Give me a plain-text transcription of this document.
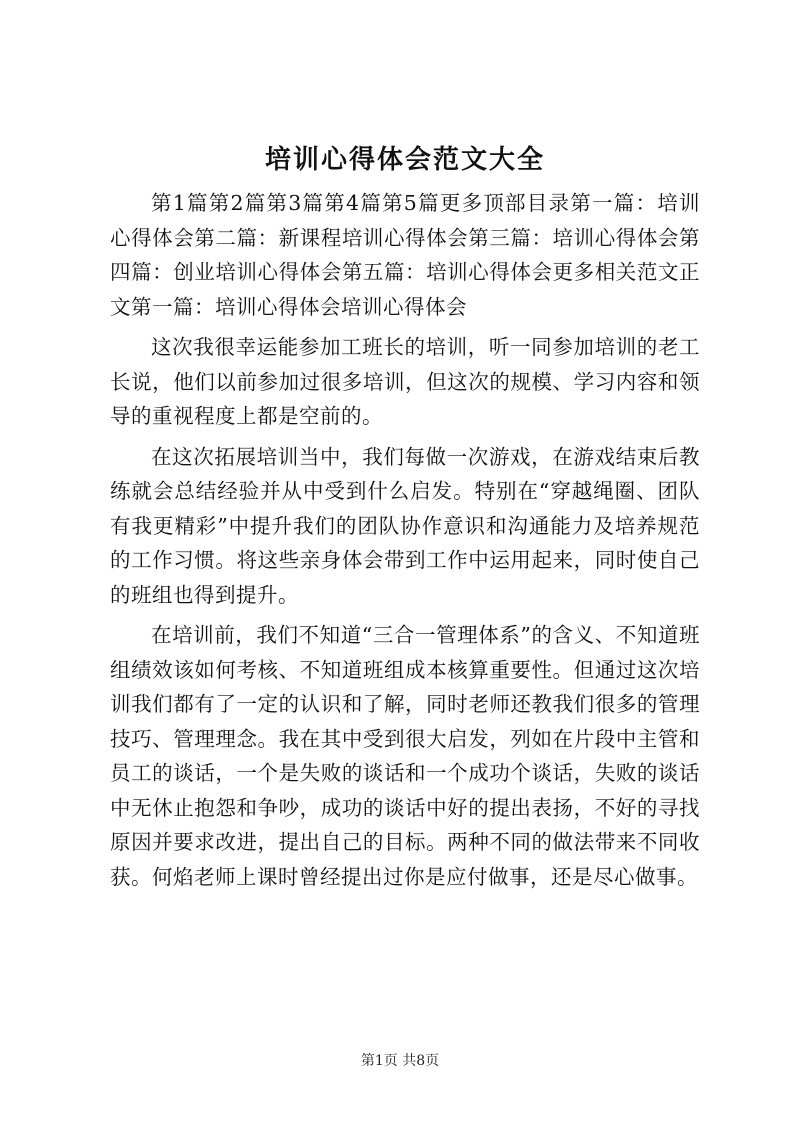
培训心得体会范文大全

第1篇第2篇第3篇第4篇第5篇更多顶部目录第一篇：培训心得体会第二篇：新课程培训心得体会第三篇：培训心得体会第四篇：创业培训心得体会第五篇：培训心得体会更多相关范文正文第一篇：培训心得体会培训心得体会

这次我很幸运能参加工班长的培训，听一同参加培训的老工长说，他们以前参加过很多培训，但这次的规模、学习内容和领导的重视程度上都是空前的。

在这次拓展培训当中，我们每做一次游戏，在游戏结束后教练就会总结经验并从中受到什么启发。特别在“穿越绳圈、团队有我更精彩”中提升我们的团队协作意识和沟通能力及培养规范的工作习惯。将这些亲身体会带到工作中运用起来，同时使自己的班组也得到提升。

在培训前，我们不知道“三合一管理体系”的含义、不知道班组绩效该如何考核、不知道班组成本核算重要性。但通过这次培训我们都有了一定的认识和了解，同时老师还教我们很多的管理技巧、管理理念。我在其中受到很大启发，列如在片段中主管和员工的谈话，一个是失败的谈话和一个成功个谈话，失败的谈话中无休止抱怨和争吵，成功的谈话中好的提出表扬，不好的寻找原因并要求改进，提出自己的目标。两种不同的做法带来不同收获。何焰老师上课时曾经提出过你是应付做事，还是尽心做事。

第1页 共8页
